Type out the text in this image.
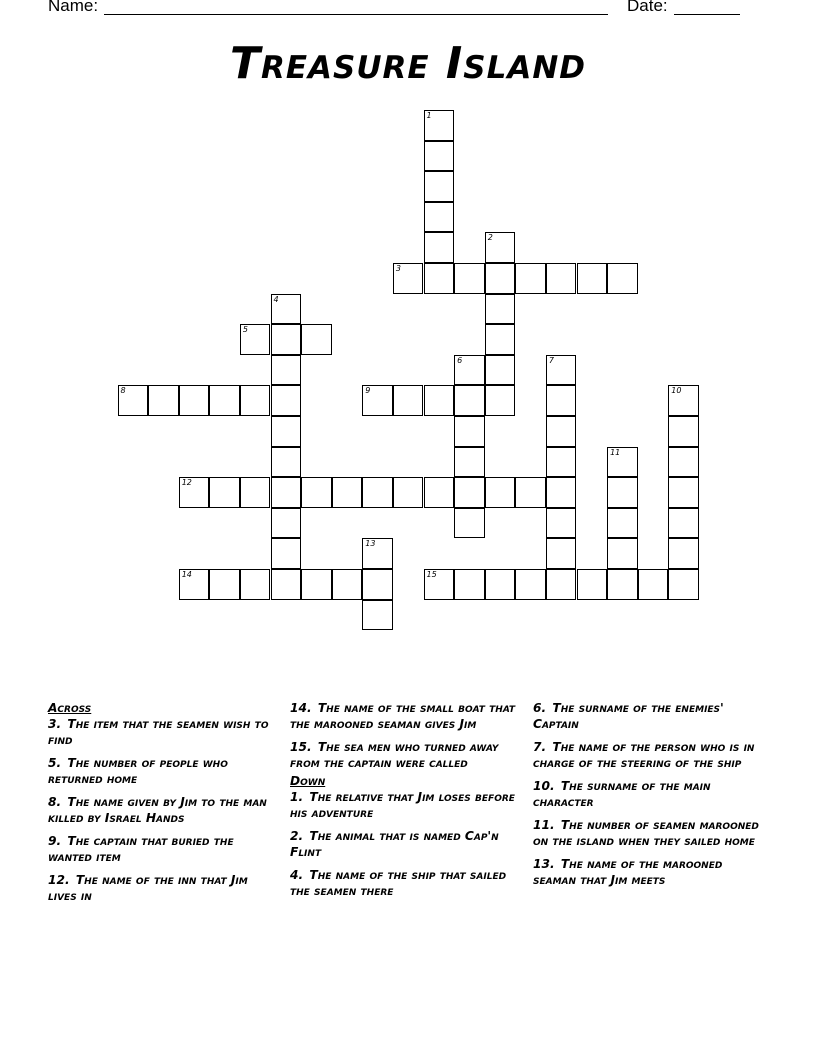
Name:	Date:
Treasure Island
1
2
3
4
5
6	7
8	9	10
11
12
13
14	15
Across
3. The item that the seamen wish to find
5. The number of people who returned home
8. The name given by Jim to the man killed by Israel Hands
9. The captain that buried the wanted item
12. The name of the inn that Jim lives in
14. The name of the small boat that the marooned seaman gives Jim
15. The sea men who turned away from the captain were called
Down
1. The relative that Jim loses before his adventure
2. The animal that is named Cap'n Flint
4. The name of the ship that sailed the seamen there
6. The surname of the enemies' Captain
7. The name of the person who is in charge of the steering of the ship
10. The surname of the main character
11. The number of seamen marooned on the island when they sailed home
13. The name of the marooned seaman that Jim meets
